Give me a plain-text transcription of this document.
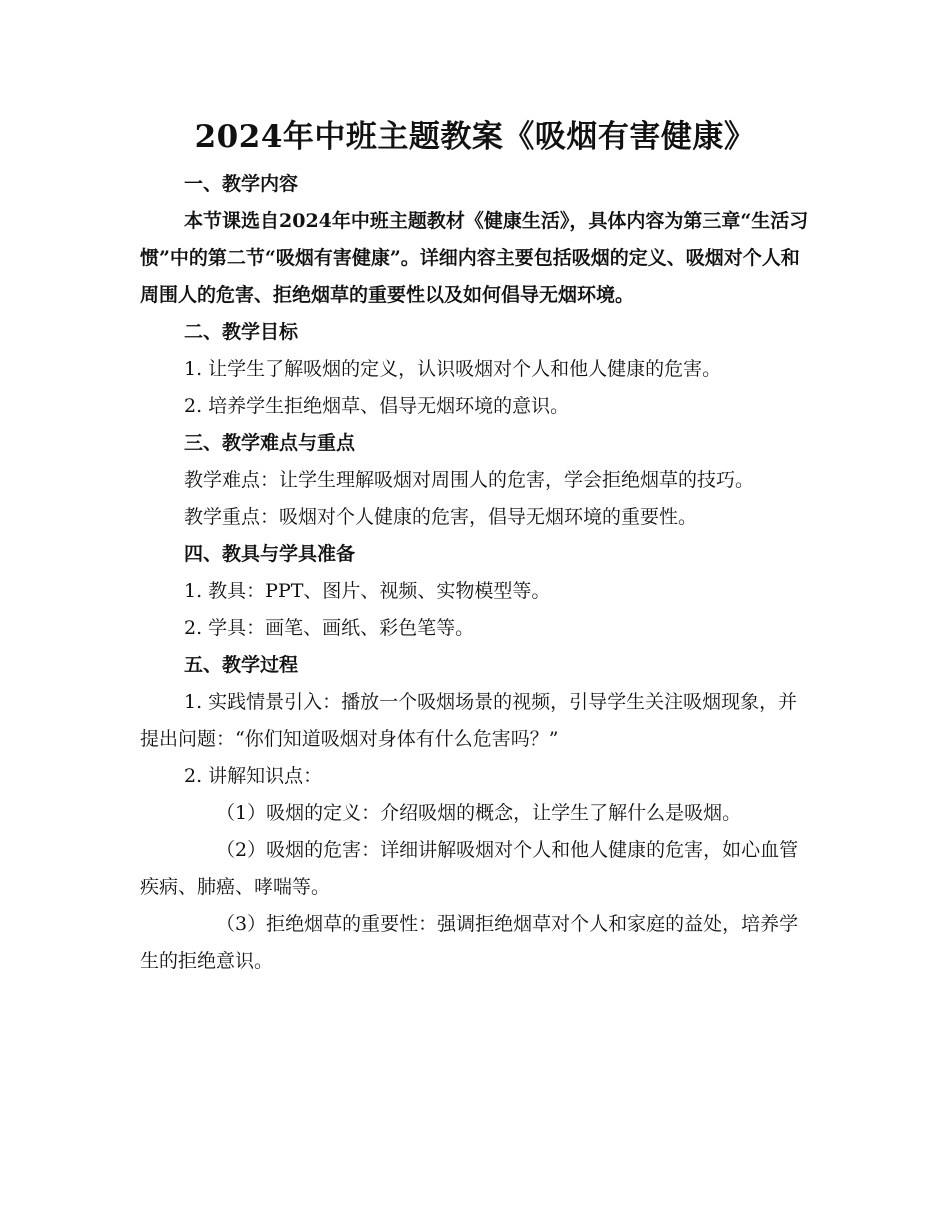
2024年中班主题教案《吸烟有害健康》

一、教学内容

本节课选自2024年中班主题教材《健康生活》，具体内容为第三章“生活习惯”中的第二节“吸烟有害健康”。详细内容主要包括吸烟的定义、吸烟对个人和周围人的危害、拒绝烟草的重要性以及如何倡导无烟环境。

二、教学目标

1. 让学生了解吸烟的定义，认识吸烟对个人和他人健康的危害。

2. 培养学生拒绝烟草、倡导无烟环境的意识。

三、教学难点与重点

教学难点：让学生理解吸烟对周围人的危害，学会拒绝烟草的技巧。

教学重点：吸烟对个人健康的危害，倡导无烟环境的重要性。

四、教具与学具准备

1. 教具：PPT、图片、视频、实物模型等。

2. 学具：画笔、画纸、彩色笔等。

五、教学过程

1. 实践情景引入：播放一个吸烟场景的视频，引导学生关注吸烟现象，并提出问题：“你们知道吸烟对身体有什么危害吗？”

2. 讲解知识点：

（1）吸烟的定义：介绍吸烟的概念，让学生了解什么是吸烟。

（2）吸烟的危害：详细讲解吸烟对个人和他人健康的危害，如心血管疾病、肺癌、哮喘等。

（3）拒绝烟草的重要性：强调拒绝烟草对个人和家庭的益处，培养学生的拒绝意识。
